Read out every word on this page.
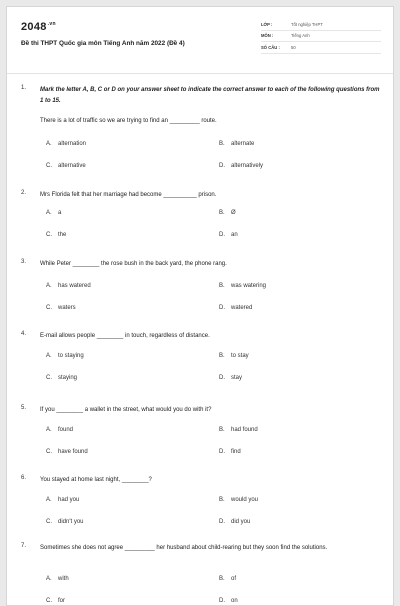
$2048^{.vn}$
Đề thi THPT Quốc gia môn Tiếng Anh năm 2022 (Đề 4)
LỚP :	Tốt nghiệp THPT
MÔN :	Tiếng Anh
SỐ CÂU :	50
1. Mark the letter A, B, C or D on your answer sheet to indicate the correct answer to each of the following questions from 1 to 15.
There is a lot of traffic so we are trying to find an _________ route.
A. alternation	B. alternate
C. alternative	D. alternatively
2. Mrs Florida felt that her marriage had become __________ prison.
A. a	B. Ø
C. the	D. an
3. While Peter ________ the rose bush in the back yard, the phone rang.
A. has watered	B. was watering
C. waters	D. watered
4. E-mail allows people ________ in touch, regardless of distance.
A. to staying	B. to stay
C. staying	D. stay
5. If you ________ a wallet in the street, what would you do with it?
A. found	B. had found
C. have found	D. find
6. You stayed at home last night, ________?
A. had you	B. would you
C. didn't you	D. did you
7. Sometimes she does not agree _________ her husband about child-rearing but they soon find the solutions.
A. with	B. of
C. for	D. on
